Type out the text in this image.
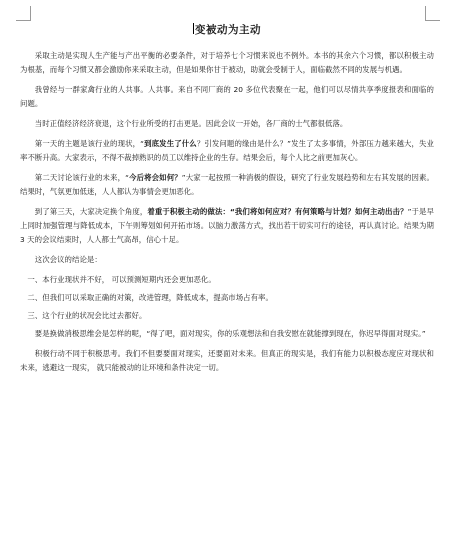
变被动为主动

采取主动是实现人生产能与产出平衡的必要条件，对于培养七个习惯来说也不例外。本书的其余六个习惯，都以积极主动为根基，而每个习惯又都会激励你来采取主动，但是如果你甘于被动，助就会受制于人，面临截然不同的发展与机遇。

我曾经与一群家禽行业的人共事。人共事。来自不同厂商的 20 多位代表聚在一起，他们可以尽情共享季度报表和面临的问题。

当时正值经济经济衰退，这个行业所受的打击更是。因此会议一开始，各厂商的士气都很低落。

第一天的主题是该行业的现状，“到底发生了什么？引发问题的缘由是什么？”发生了太多事情，外部压力越来越大，失业率不断升高。大家表示，不得不裁掉熟识的员工以维持企业的生存。结果会后，每个人比之前更加灰心。

第二天讨论该行业的未来，“今后将会如何？”大家一起按照一种消极的假设，研究了行业发展趋势和左右其发展的因素。结果时，气氛更加低迷，人人都认为事情会更加恶化。

到了第三天，大家决定换个角度，着重于积极主动的做法：“我们将如何应对？有何策略与计划？如何主动出击？”于是早上同时加强管理与降低成本，下午则筹划如何开拓市场。以脑力激荡方式，找出若干切实可行的途径，再认真讨论。结果为期 3 天的会议结束时，人人都士气高昂，信心十足。

这次会议的结论是：

一、本行业现状并不好， 可以预测短期内还会更加恶化。

二、但我们可以采取正确的对策，改进管理，降低成本，提高市场占有率。

三、这个行业的状况会比过去都好。

要是换做消极思维会是怎样的呢，“得了吧，面对现实，你的乐观想法和自我安慰在就能撑到现在，你迟早得面对现实。”

积极行动不同于积极思考。我们不但要要面对现实，还要面对未来。但真正的现实是，我们有能力以积极态度应对现状和未来，逃避这一现实， 就只能被动的让环境和条件决定一切。
